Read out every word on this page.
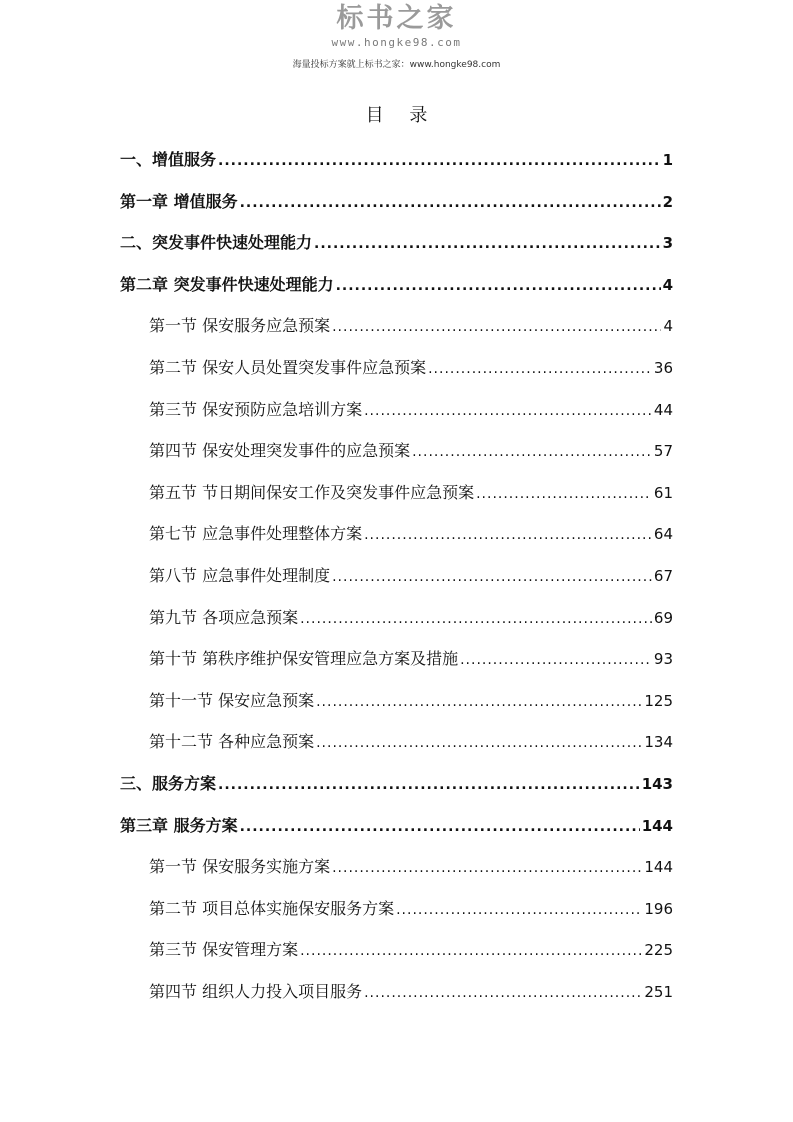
标书之家
www.hongke98.com
海量投标方案就上标书之家：www.hongke98.com
目 录
一、增值服务 .....	1
第一章 增值服务 .....	2
二、突发事件快速处理能力 .....	3
第二章 突发事件快速处理能力 .....	4
第一节 保安服务应急预案 .....	4
第二节 保安人员处置突发事件应急预案 .....	36
第三节 保安预防应急培训方案 .....	44
第四节 保安处理突发事件的应急预案 .....	57
第五节 节日期间保安工作及突发事件应急预案 .....	61
第七节 应急事件处理整体方案 .....	64
第八节 应急事件处理制度 .....	67
第九节 各项应急预案 .....	69
第十节 第秩序维护保安管理应急方案及措施 .....	93
第十一节 保安应急预案 .....	125
第十二节 各种应急预案 .....	134
三、服务方案 .....	143
第三章 服务方案 .....	144
第一节 保安服务实施方案 .....	144
第二节 项目总体实施保安服务方案 .....	196
第三节 保安管理方案 .....	225
第四节 组织人力投入项目服务 .....	251
